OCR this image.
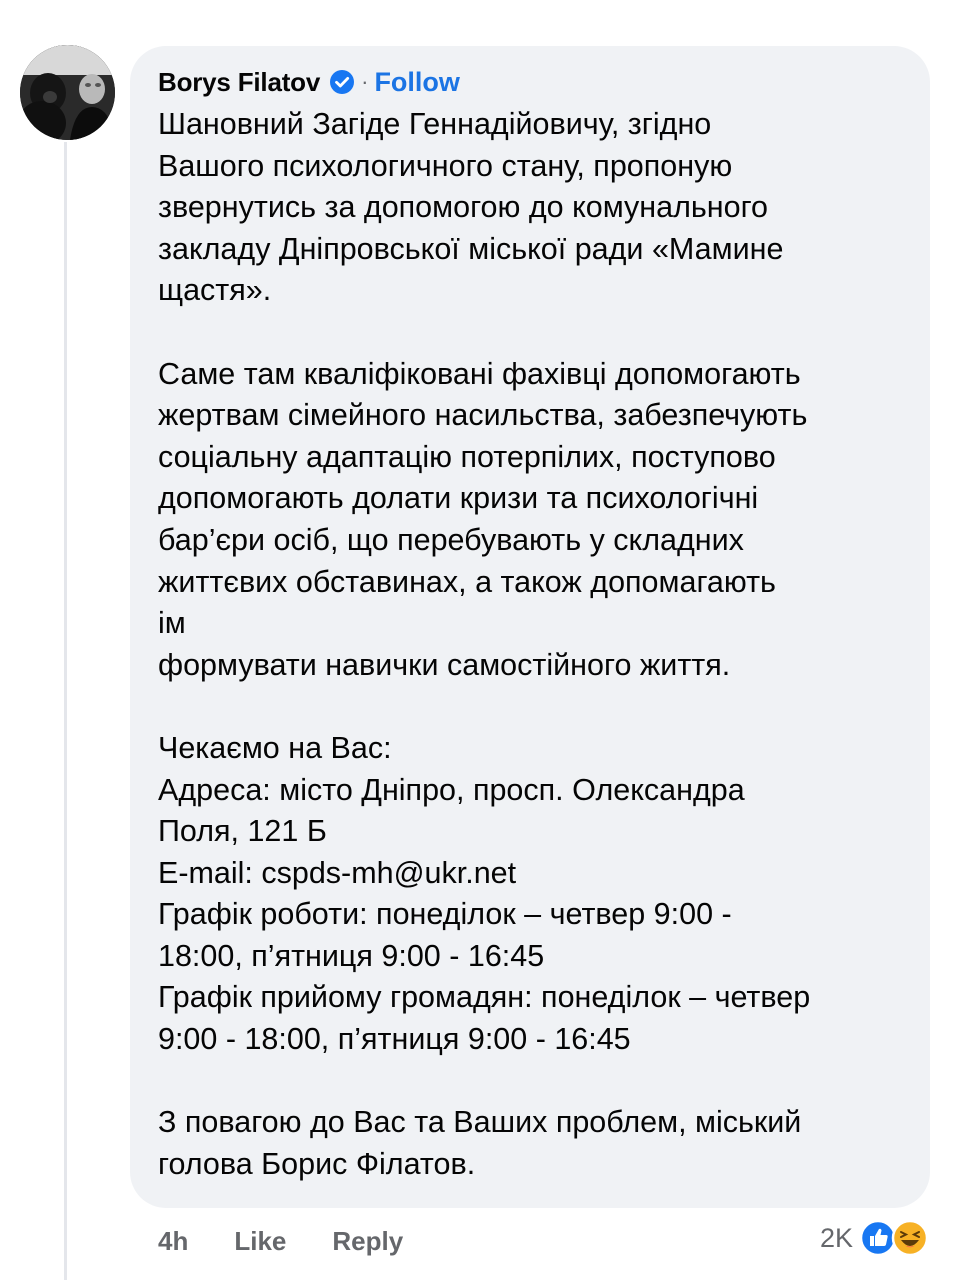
Borys Filatov · Follow

Шановний Загіде Геннадійовичу, згідно
Вашого психологичного стану, пропоную
звернутись за допомогою до комунального
закладу Дніпровської міської ради «Мамине
щастя».

Саме там кваліфіковані фахівці допомогають
жертвам сімейного насильства, забезпечують
соціальну адаптацію потерпілих, поступово
допомогають долати кризи та психологічні
бар’єри осіб, що перебувають у складних
життєвих обставинах, а також допомагають
ім
формувати навички самостійного життя.

Чекаємо на Вас:
Адреса: місто Дніпро, просп. Олександра
Поля, 121 Б
E-mail: cspds-mh@ukr.net
Графік роботи: понеділок – четвер 9:00 -
18:00, п’ятниця 9:00 - 16:45
Графік прийому громадян: понеділок – четвер
9:00 - 18:00, п’ятниця 9:00 - 16:45

З повагою до Вас та Ваших проблем, міський
голова Борис Філатов.

4h Like Reply	2K
